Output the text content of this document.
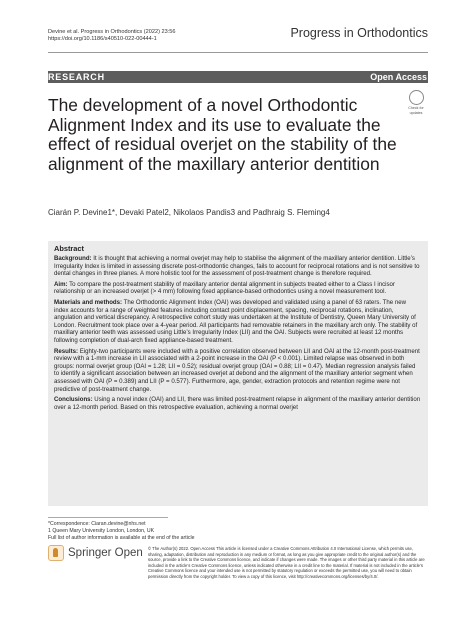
Devine et al. Progress in Orthodontics (2022) 23:56
https://doi.org/10.1186/s40510-022-00444-1	Progress in Orthodontics
RESEARCH	Open Access
Check for
updates
The development of a novel Orthodontic Alignment Index and its use to evaluate the effect of residual overjet on the stability of the alignment of the maxillary anterior dentition
Ciarán P. Devine1*, Devaki Patel2, Nikolaos Pandis3 and Padhraig S. Fleming4
Abstract
Background: It is thought that achieving a normal overjet may help to stabilise the alignment of the maxillary anterior dentition. Little’s Irregularity Index is limited in assessing discrete post-orthodontic changes, fails to account for reciprocal rotations and is not sensitive to dental changes in three planes. A more holistic tool for the assessment of post-treatment change is therefore required.
Aim: To compare the post-treatment stability of maxillary anterior dental alignment in subjects treated either to a Class I incisor relationship or an increased overjet (> 4 mm) following fixed appliance-based orthodontics using a novel measurement tool.
Materials and methods: The Orthodontic Alignment Index (OAI) was developed and validated using a panel of 63 raters. The new index accounts for a range of weighted features including contact point displacement, spacing, reciprocal rotations, inclination, angulation and vertical discrepancy. A retrospective cohort study was undertaken at the Institute of Dentistry, Queen Mary University of London. Recruitment took place over a 4-year period. All participants had removable retainers in the maxillary arch only. The stability of maxillary anterior teeth was assessed using Little’s Irregularity Index (LII) and the OAI. Subjects were recruited at least 12 months following completion of dual-arch fixed appliance-based treatment.
Results: Eighty-two participants were included with a positive correlation observed between LII and OAI at the 12-month post-treatment review with a 1-mm increase in LII associated with a 2-point increase in the OAI (P < 0.001). Limited relapse was observed in both groups: normal overjet group (OAI = 1.28; LII = 0.52); residual overjet group (OAI = 0.88; LII = 0.47). Median regression analysis failed to identify a significant association between an increased overjet at debond and the alignment of the maxillary anterior segment when assessed with OAI (P = 0.389) and LII (P = 0.577). Furthermore, age, gender, extraction protocols and retention regime were not predictive of post-treatment change.
Conclusions: Using a novel index (OAI) and LII, there was limited post-treatment relapse in alignment of the maxillary anterior dentition over a 12-month period. Based on this retrospective evaluation, achieving a normal overjet
*Correspondence: Ciaran.devine@nhs.net
1 Queen Mary University London, London, UK
Full list of author information is available at the end of the article
Springer Open © The Author(s) 2022. Open Access This article is licensed under a Creative Commons Attribution 4.0 International License, which permits use, sharing, adaptation, distribution and reproduction in any medium or format, as long as you give appropriate credit to the original author(s) and the source, provide a link to the Creative Commons licence, and indicate if changes were made. The images or other third party material in this article are included in the article’s Creative Commons licence, unless indicated otherwise in a credit line to the material. If material is not included in the article’s Creative Commons licence and your intended use is not permitted by statutory regulation or exceeds the permitted use, you will need to obtain permission directly from the copyright holder. To view a copy of this licence, visit http://creativecommons.org/licenses/by/4.0/.
